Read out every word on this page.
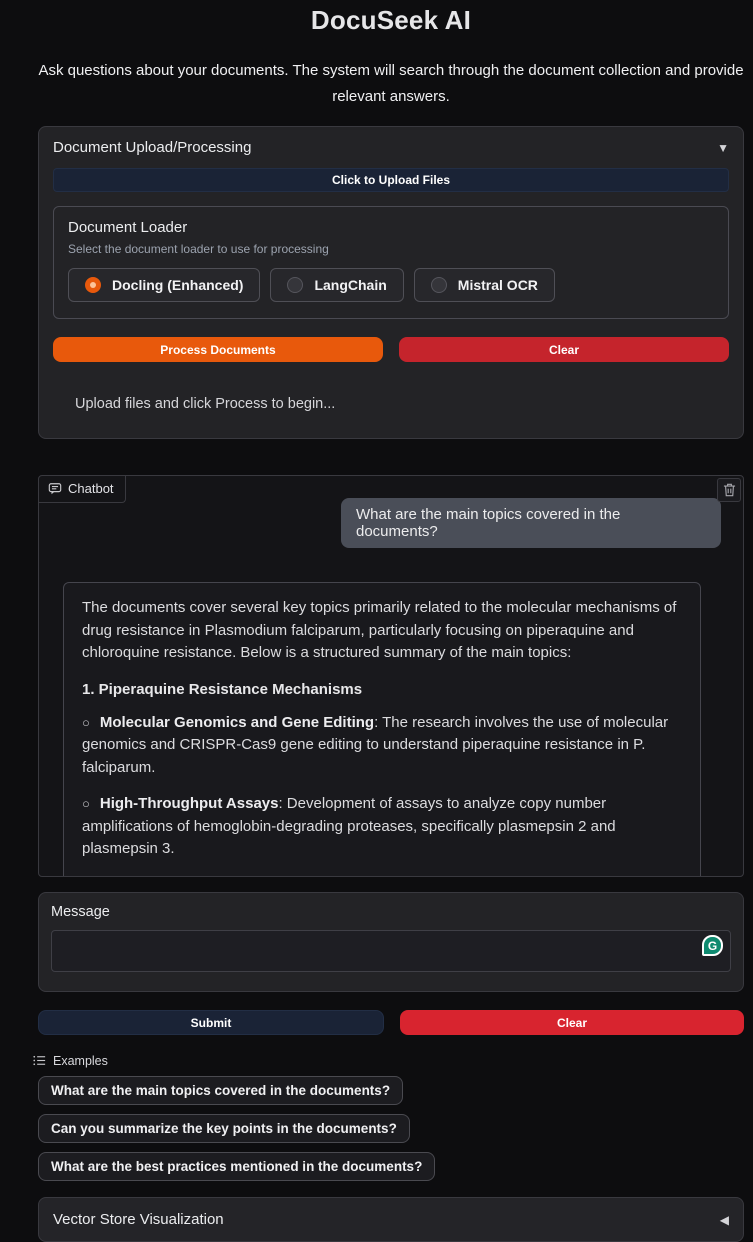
DocuSeek AI
Ask questions about your documents. The system will search through the document collection and provide relevant answers.
Document Upload/Processing	▼
Click to Upload Files
Document Loader
Select the document loader to use for processing
Docling (Enhanced)	LangChain	Mistral OCR
Process Documents	Clear
Upload files and click Process to begin...
Chatbot
What are the main topics covered in the documents?
The documents cover several key topics primarily related to the molecular mechanisms of drug resistance in Plasmodium falciparum, particularly focusing on piperaquine and chloroquine resistance. Below is a structured summary of the main topics:
1. Piperaquine Resistance Mechanisms
○ Molecular Genomics and Gene Editing: The research involves the use of molecular genomics and CRISPR-Cas9 gene editing to understand piperaquine resistance in P. falciparum.
○ High-Throughput Assays: Development of assays to analyze copy number amplifications of hemoglobin-degrading proteases, specifically plasmepsin 2 and plasmepsin 3.
Message
G
Submit	Clear
Examples
What are the main topics covered in the documents?
Can you summarize the key points in the documents?
What are the best practices mentioned in the documents?
Vector Store Visualization	◀
